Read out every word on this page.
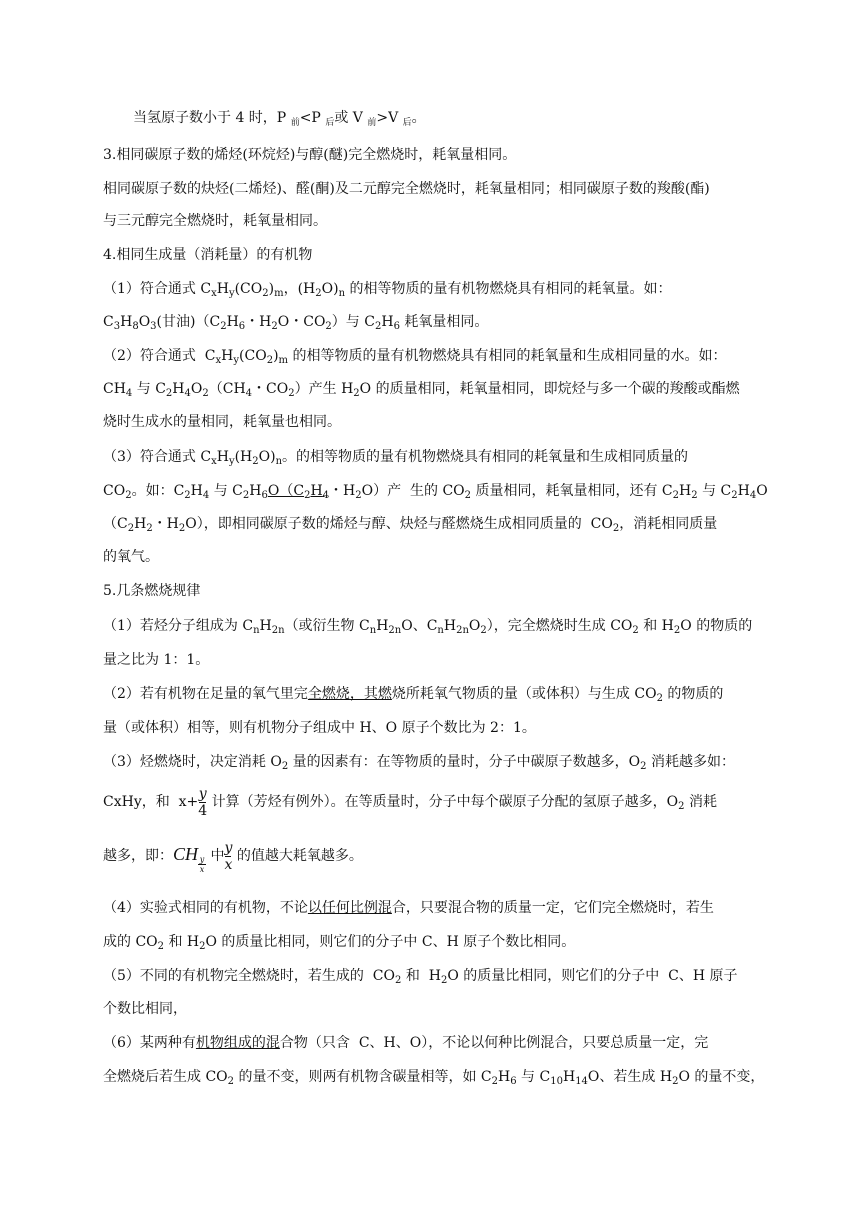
当氢原子数小于 4 时，P $_前$<P $_后$或 V $_前$>V $_后$。
3.相同碳原子数的烯烃(环烷烃)与醇(醚)完全燃烧时，耗氧量相同。
相同碳原子数的炔烃(二烯烃)、醛(酮)及二元醇完全燃烧时，耗氧量相同；相同碳原子数的羧酸(酯)
与三元醇完全燃烧时，耗氧量相同。
4.相同生成量（消耗量）的有机物
（1）符合通式 $C_xH_y(CO_2)_m$，$(H_2O)_n$ 的相等物质的量有机物燃烧具有相同的耗氧量。如：
$C_3H_8O_3$(甘油)（$C_2H_6$・$H_2O$・$CO_2$）与 $C_2H_6$ 耗氧量相同。
（2）符合通式  $C_xH_y(CO_2)_m$ 的相等物质的量有机物燃烧具有相同的耗氧量和生成相同量的水。如：
$CH_4$ 与 $C_2H_4O_2(CH_4$・$CO_2$）产生 $H_2O$ 的质量相同，耗氧量相同，即烷烃与多一个碳的羧酸或酯燃
烧时生成水的量相同，耗氧量也相同。
（3）符合通式 $C_xH_y(H_2O)_n$。的相等物质的量有机物燃烧具有相同的耗氧量和生成相同质量的
$CO_2$。如：$C_2H_4$ 与 $C_2H_6O(C_2H_4$・$H_2O$）产  生的 $CO_2$ 质量相同，耗氧量相同，还有 $C_2H_2$ 与 $C_2H_4O$
（$C_2H_2$・$H_2O$），即相同碳原子数的烯烃与醇、炔烃与醛燃烧生成相同质量的  $CO_2$，消耗相同质量
的氧气。
5.几条燃烧规律
（1）若烃分子组成为 $C_nH_{2n}$（或衍生物 $C_nH_{2n}O$、$C_nH_{2n}O_2$），完全燃烧时生成 $CO_2$ 和 $H_2O$ 的物质的
量之比为 1：1。
（2）若有机物在足量的氧气里完全燃烧，其燃烧所耗氧气物质的量（或体积）与生成 $CO_2$ 的物质的
量（或体积）相等，则有机物分子组成中 H、O 原子个数比为 2：1。
（3）烃燃烧时，决定消耗 $O_2$ 量的因素有：在等物质的量时，分子中碳原子数越多，$O_2$ 消耗越多如：
CxHy，和  $x+ \frac{y}{4}$ 计算（芳烃有例外）。在等质量时，分子中每个碳原子分配的氢原子越多，$O_2$ 消耗
越多，即：CH
$\frac{y}{x}$ 中 $\frac{y}{x}$ 的值越大耗氧越多。
（4）实验式相同的有机物，不论以任何比例混合，只要混合物的质量一定，它们完全燃烧时，若生
成的 $CO_2$ 和 $H_2O$ 的质量比相同，则它们的分子中 C、H 原子个数比相同。
（5）不同的有机物完全燃烧时，若生成的  $CO_2$ 和  $H_2O$ 的质量比相同，则它们的分子中  C、H 原子
个数比相同，
（6）某两种有机物组成的混合物（只含  C、H、O），不论以何种比例混合，只要总质量一定，完
全燃烧后若生成 $CO_2$ 的量不变，则两有机物含碳量相等，如 $C_2H_6$ 与 $C_{10}H_{14}O$、若生成 $H_2O$ 的量不变，
